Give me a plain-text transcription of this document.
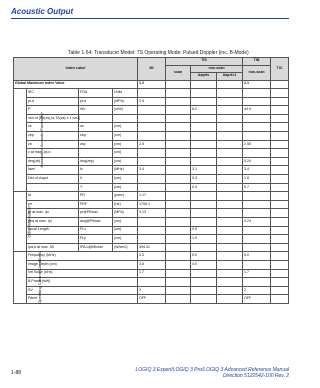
Acoustic Output
Table 1-54: Transducer Model: 7S Operating Mode: Pulsed Doppler (inc. B-Mode)
Index Label				MI	TIS			TIB	TIC
					scan	non-scan		non-scan	
						Aaprt≤	Aaprt>1		
Global Maximum Index Value				1.2				2.1	
Associated Acoustic Parameter	IEC	FDA	Units						
	pr.α	pr.α	(MPa)	2.4					
	P	Wo	(mW)			8.2		44.9	
	min of [Pα(zs),Iα,TA(zs) x 1 cm2]								
	zs	zs	(cm)						
	zbp	zbp	(cm)						
	zb	zsp	(cm)	2.5				2.55	
	z at max. Ipi,α		(cm)						
	deq(zb)	deq(zsp)	(cm)					0.24	
	fawf	fc	(MHz)	3.4		3.1		3.4	
	Dim of Aaprt	X	(cm)			0.3		1.8	
		Y	(cm)			0.3		0.7	
Other Information	td	PD	(μsec)	1.17					
	prr	PRF	(Hz)	1796.1					
	pr at max. Ipi	pr@PIImax	(MPa)	3.13					
	deq at max. Ipi	deq@PIImax	(cm)					0.24	
	Focal Length	FLx	(cm)			0.9			
		FLy	(cm)			1.9			
	Ipa,α at max. MI	IPA,α@MImax	(W/cm2)	394.41					
Operating Control Conditions	Frequency (MHz)			3.3		5.0		5.0	
	Image Depth (cm)			3.5		4.0			
	Vel Scale (kHz)			1.7				1.7	
	B Power(mW)								
	SV			2				2	
	Panel			OFF				OFF	
1-88	LOGIQ 3 Expert/LOGIQ 3 Pro/LOGIQ 3 Advanced Reference Manual
Direction 5122542-100 Rev. 2
